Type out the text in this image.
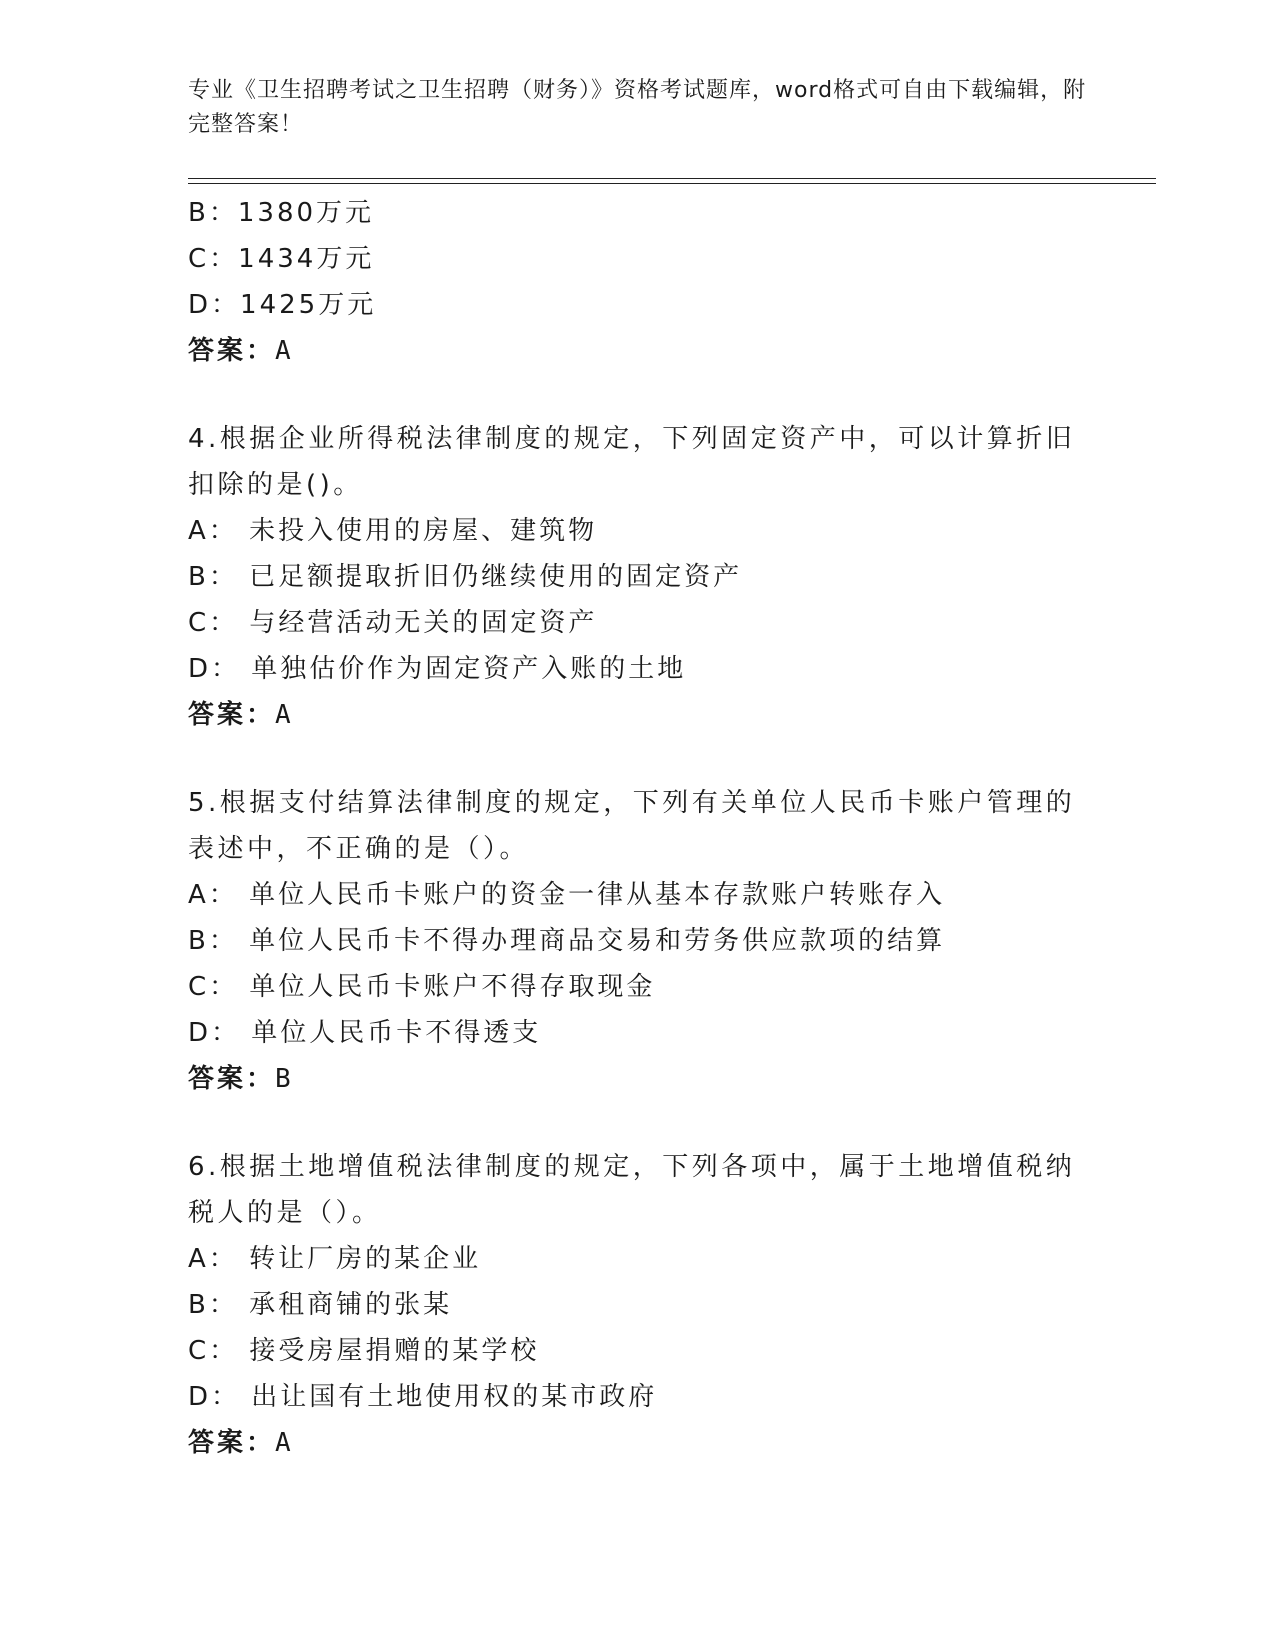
专业《卫生招聘考试之卫生招聘（财务）》资格考试题库，word格式可自由下载编辑，附完整答案！
B：1380万元
C：1434万元
D：1425万元
答案：A
4.根据企业所得税法律制度的规定，下列固定资产中，可以计算折旧
扣除的是()。
A： 未投入使用的房屋、建筑物
B： 已足额提取折旧仍继续使用的固定资产
C： 与经营活动无关的固定资产
D： 单独估价作为固定资产入账的土地
答案：A
5.根据支付结算法律制度的规定，下列有关单位人民币卡账户管理的
表述中，不正确的是（）。
A： 单位人民币卡账户的资金一律从基本存款账户转账存入
B： 单位人民币卡不得办理商品交易和劳务供应款项的结算
C： 单位人民币卡账户不得存取现金
D： 单位人民币卡不得透支
答案：B
6.根据土地增值税法律制度的规定，下列各项中，属于土地增值税纳
税人的是（）。
A： 转让厂房的某企业
B： 承租商铺的张某
C： 接受房屋捐赠的某学校
D： 出让国有土地使用权的某市政府
答案：A
